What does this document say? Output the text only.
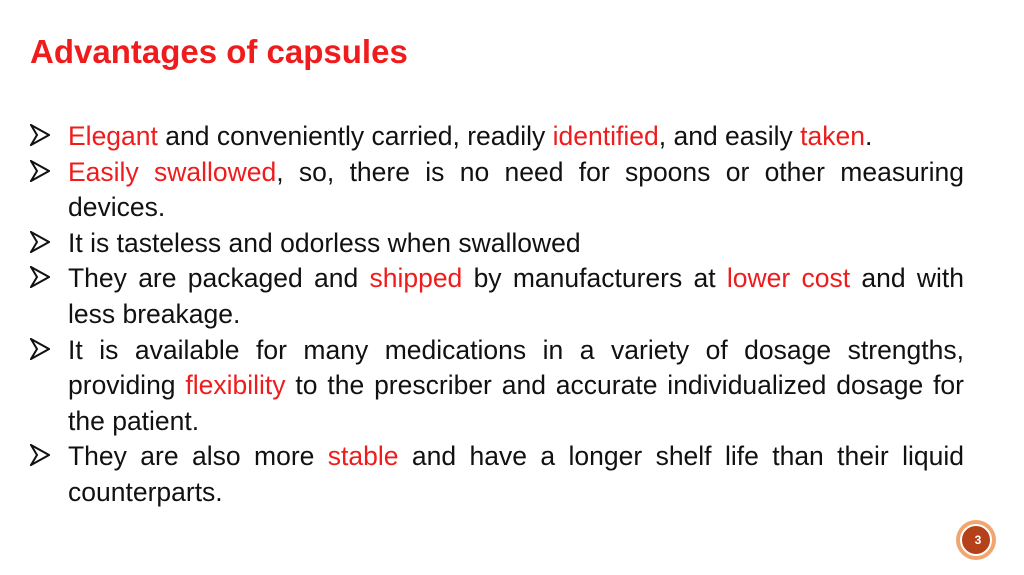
Advantages of capsules
Elegant and conveniently carried, readily identified, and easily taken.
Easily swallowed, so, there is no need for spoons or other measuring devices.
It is tasteless and odorless when swallowed
They are packaged and shipped by manufacturers at lower cost and with less breakage.
It is available for many medications in a variety of dosage strengths, providing flexibility to the prescriber and accurate individualized dosage for the patient.
They are also more stable and have a longer shelf life than their liquid counterparts.
3
